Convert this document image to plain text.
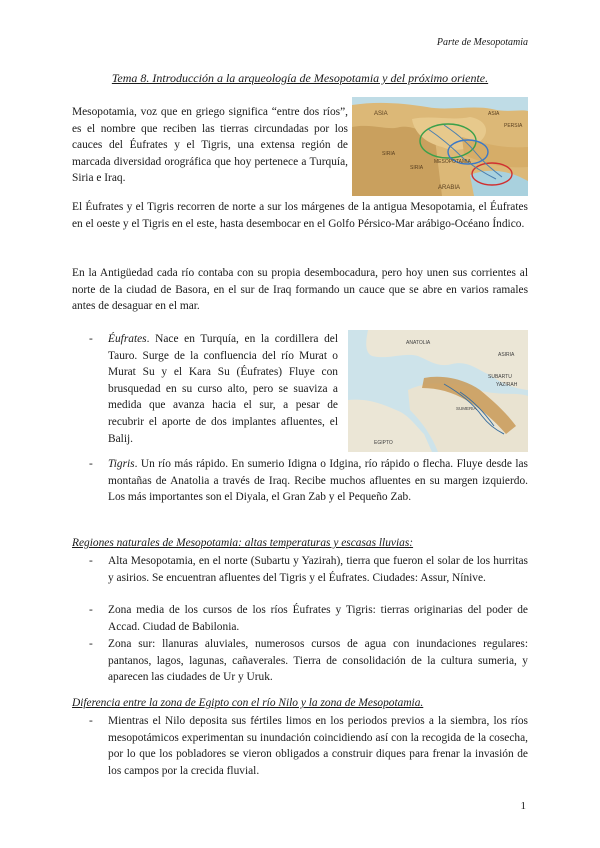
Parte de Mesopotamia
Tema 8. Introducción a la arqueología de Mesopotamia y del próximo oriente.

Mesopotamia, voz que en griego significa “entre dos ríos”, es el nombre que reciben las tierras circundadas por los cauces del Éufrates y el Tigris, una extensa región de marcada diversidad orográfica que hoy pertenece a Turquía, Siria e Iraq.

ASIA
PERSIA
SIRIA
ASIA
SIRIA
MESOPOTAMIA
ARABIA

El Éufrates y el Tigris recorren de norte a sur los márgenes de la antigua Mesopotamia, el Éufrates en el oeste y el Tigris en el este, hasta desembocar en el Golfo Pérsico-Mar arábigo-Océano Índico.

En la Antigüedad cada río contaba con su propia desembocadura, pero hoy unen sus corrientes al norte de la ciudad de Basora, en el sur de Iraq formando un cauce que se abre en varios ramales antes de desaguar en el mar.

- Éufrates. Nace en Turquía, en la cordillera del Tauro. Surge de la confluencia del río Murat o Murat Su y el Kara Su (Éufrates) Fluye con brusquedad en su curso alto, pero se suaviza a medida que avanza hacia el sur, a pesar de recubrir el aporte de dos implantes afluentes, el Balij.
ANATOLIA
ASIRIA
SUBARTU
YAZIRAH
SUMERIA
EGIPTO
- Tigris. Un río más rápido. En sumerio Idigna o Idgina, río rápido o flecha. Fluye desde las montañas de Anatolia a través de Iraq. Recibe muchos afluentes en su margen izquierdo. Los más importantes son el Diyala, el Gran Zab y el Pequeño Zab.
Regiones naturales de Mesopotamia: altas temperaturas y escasas lluvias:
- Alta Mesopotamia, en el norte (Subartu y Yazirah), tierra que fueron el solar de los hurritas y asirios. Se encuentran afluentes del Tigris y el Éufrates. Ciudades: Assur, Nínive.
- Zona media de los cursos de los ríos Éufrates y Tigris: tierras originarias del poder de Accad. Ciudad de Babilonia.
- Zona sur: llanuras aluviales, numerosos cursos de agua con inundaciones regulares: pantanos, lagos, lagunas, cañaverales. Tierra de consolidación de la cultura sumeria, y aparecen las ciudades de Ur y Uruk.
Diferencia entre la zona de Egipto con el río Nilo y la zona de Mesopotamia.
- Mientras el Nilo deposita sus fértiles limos en los periodos previos a la siembra, los ríos mesopotámicos experimentan su inundación coincidiendo así con la recogida de la cosecha, por lo que los pobladores se vieron obligados a construir diques para frenar la invasión de los campos por la crecida fluvial.
1
